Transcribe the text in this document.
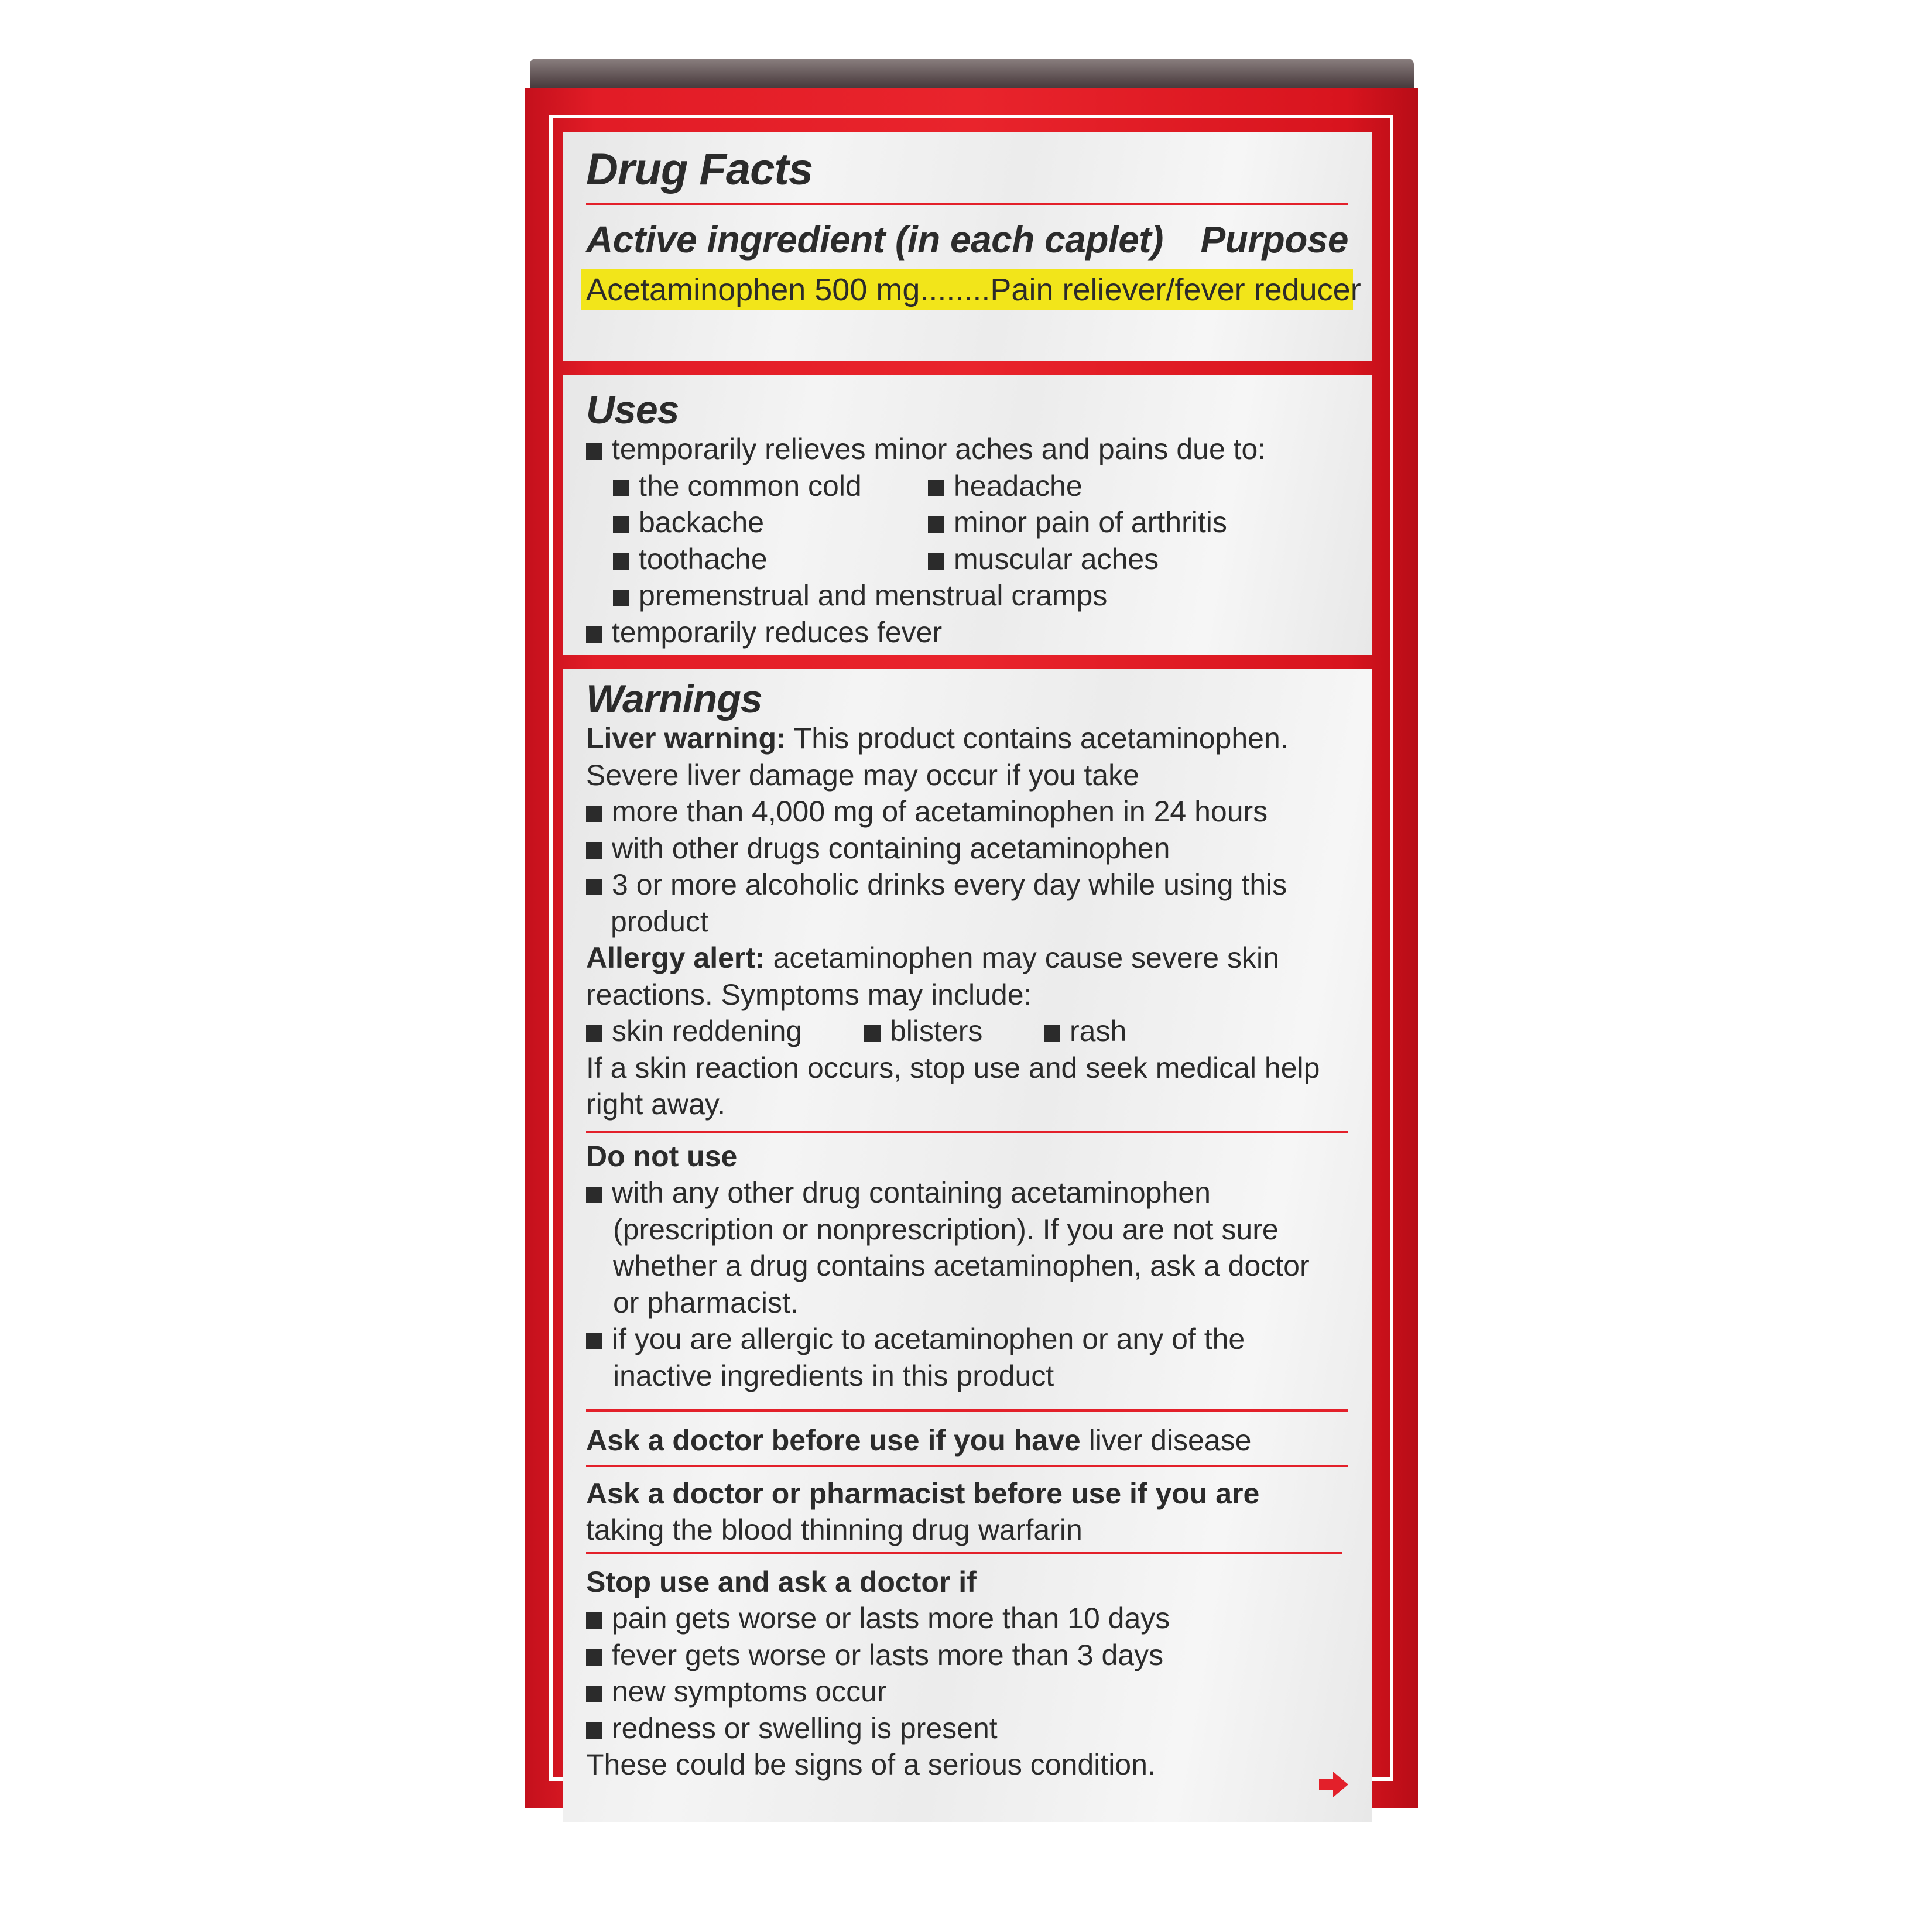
Drug Facts
Active ingredient (in each caplet) Purpose
Acetaminophen 500 mg........Pain reliever/fever reducer
Uses
temporarily relieves minor aches and pains due to:
the common cold	headache
backache	minor pain of arthritis
toothache	muscular aches
premenstrual and menstrual cramps
temporarily reduces fever
Warnings
Liver warning: This product contains acetaminophen.
Severe liver damage may occur if you take
more than 4,000 mg of acetaminophen in 24 hours
with other drugs containing acetaminophen
3 or more alcoholic drinks every day while using this
product
Allergy alert: acetaminophen may cause severe skin
reactions. Symptoms may include:
skin reddening	blisters	rash
If a skin reaction occurs, stop use and seek medical help
right away.
Do not use
with any other drug containing acetaminophen
(prescription or nonprescription). If you are not sure
whether a drug contains acetaminophen, ask a doctor
or pharmacist.
if you are allergic to acetaminophen or any of the
inactive ingredients in this product
Ask a doctor before use if you have liver disease
Ask a doctor or pharmacist before use if you are
taking the blood thinning drug warfarin
Stop use and ask a doctor if
pain gets worse or lasts more than 10 days
fever gets worse or lasts more than 3 days
new symptoms occur
redness or swelling is present
These could be signs of a serious condition.
